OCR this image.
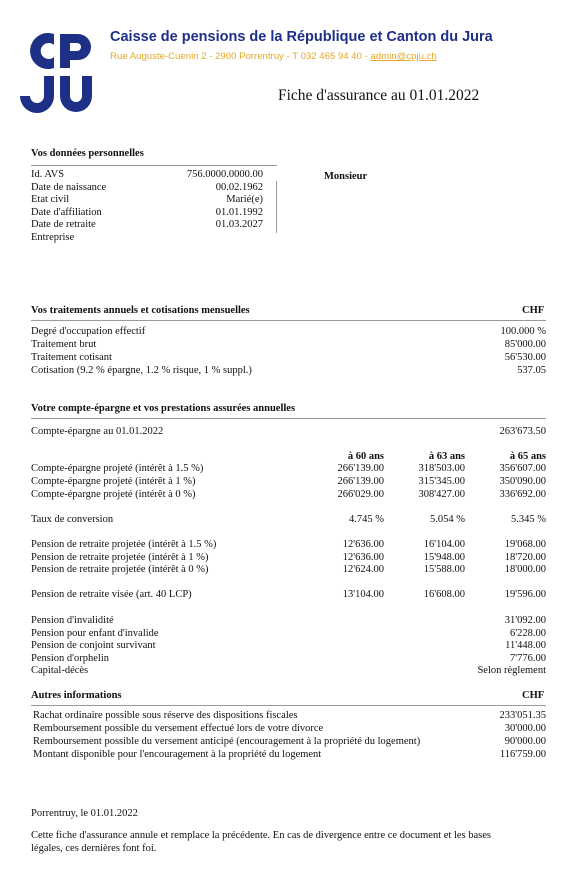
Caisse de pensions de la République et Canton du Jura
Rue Auguste-Cuenin 2 - 2900 Porrentruy - T 032 465 94 40 - admin@cpju.ch
Fiche d'assurance au 01.01.2022
Vos données personnelles
Monsieur
Id. AVS	756.0000.0000.00
Date de naissance	00.02.1962
Etat civil	Marié(e)
Date d'affiliation	01.01.1992
Date de retraite	01.03.2027
Entreprise
Vos traitements annuels et cotisations mensuelles	CHF
Degré d'occupation effectif	100.000 %
Traitement brut	85'000.00
Traitement cotisant	56'530.00
Cotisation (9.2 % épargne, 1.2 % risque, 1 % suppl.)	537.05
Votre compte-épargne et vos prestations assurées annuelles
Compte-épargne au 01.01.2022	263'673.50
à 60 ans	à 63 ans	à 65 ans
Compte-épargne projeté (intérêt à 1.5 %)	266'139.00	318'503.00	356'607.00
Compte-épargne projeté (intérêt à 1 %)	266'139.00	315'345.00	350'090.00
Compte-épargne projeté (intérêt à 0 %)	266'029.00	308'427.00	336'692.00
Taux de conversion	4.745 %	5.054 %	5.345 %
Pension de retraite projetée (intérêt à 1.5 %)	12'636.00	16'104.00	19'068.00
Pension de retraite projetée (intérêt à 1 %)	12'636.00	15'948.00	18'720.00
Pension de retraite projetée (intérêt à 0 %)	12'624.00	15'588.00	18'000.00
Pension de retraite visée (art. 40 LCP)	13'104.00	16'608.00	19'596.00
Pension d'invalidité	31'092.00
Pension pour enfant d'invalide	6'228.00
Pension de conjoint survivant	11'448.00
Pension d'orphelin	7'776.00
Capital-décès	Selon règlement
Autres informations	CHF
Rachat ordinaire possible sous réserve des dispositions fiscales	233'051.35
Remboursement possible du versement effectué lors de votre divorce	30'000.00
Remboursement possible du versement anticipé (encouragement à la propriété du logement)	90'000.00
Montant disponible pour l'encouragement à la propriété du logement	116'759.00
Porrentruy, le 01.01.2022
Cette fiche d'assurance annule et remplace la précédente. En cas de divergence entre ce document et les bases
légales, ces dernières font foi.
